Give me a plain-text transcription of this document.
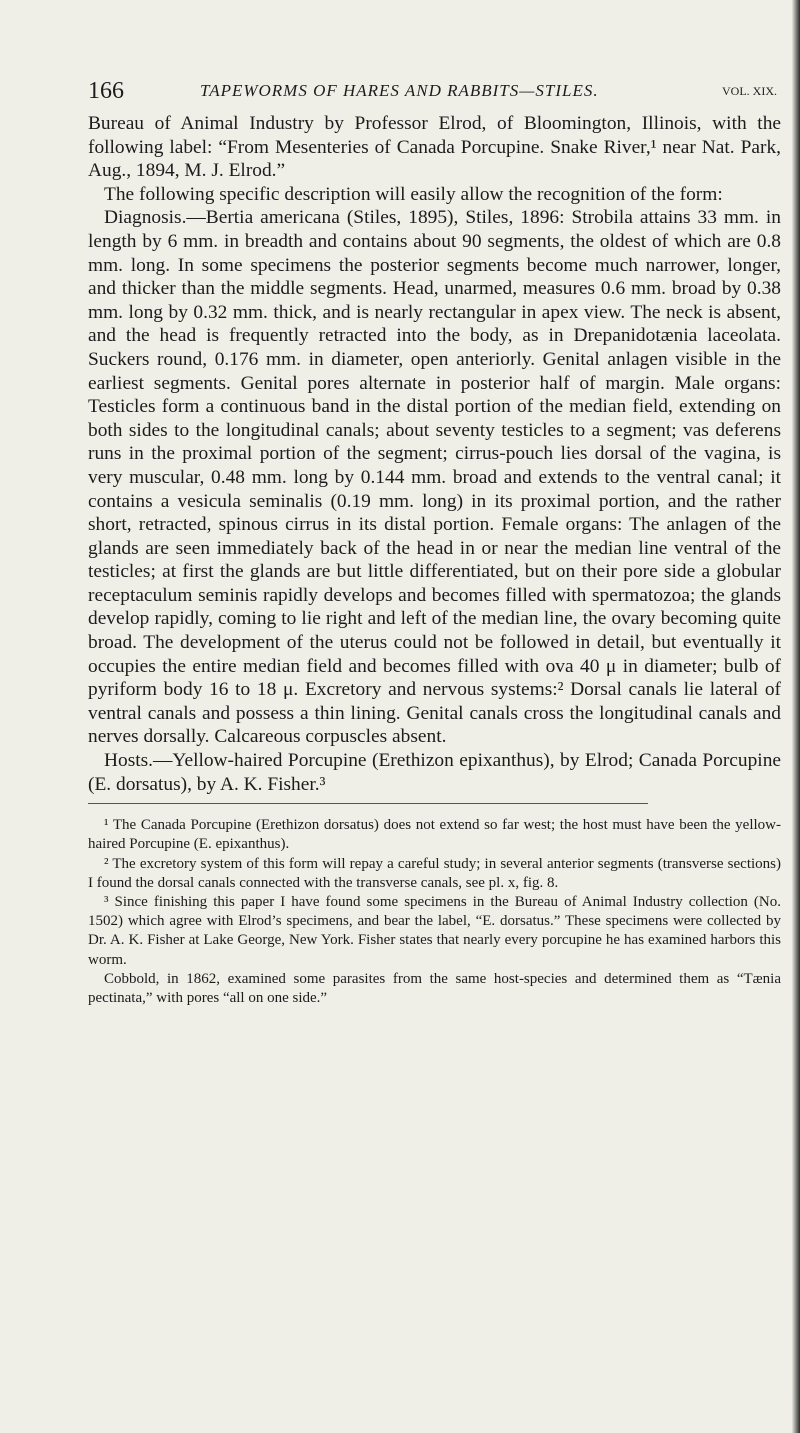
166	TAPEWORMS OF HARES AND RABBITS—STILES.	VOL. XIX.

Bureau of Animal Industry by Professor Elrod, of Bloomington, Illinois, with the following label: “From Mesenteries of Canada Porcupine. Snake River,¹ near Nat. Park, Aug., 1894, M. J. Elrod.”

The following specific description will easily allow the recognition of the form:

Diagnosis.—Bertia americana (Stiles, 1895), Stiles, 1896: Strobila attains 33 mm. in length by 6 mm. in breadth and contains about 90 segments, the oldest of which are 0.8 mm. long. In some specimens the posterior segments become much narrower, longer, and thicker than the middle segments. Head, unarmed, measures 0.6 mm. broad by 0.38 mm. long by 0.32 mm. thick, and is nearly rectangular in apex view. The neck is absent, and the head is frequently retracted into the body, as in Drepanidotænia laceolata. Suckers round, 0.176 mm. in diameter, open anteriorly. Genital anlagen visible in the earliest segments. Genital pores alternate in posterior half of margin. Male organs: Testicles form a continuous band in the distal portion of the median field, extending on both sides to the longitudinal canals; about seventy testicles to a segment; vas deferens runs in the proximal portion of the segment; cirrus-pouch lies dorsal of the vagina, is very muscular, 0.48 mm. long by 0.144 mm. broad and extends to the ventral canal; it contains a vesicula seminalis (0.19 mm. long) in its proximal portion, and the rather short, retracted, spinous cirrus in its distal portion. Female organs: The anlagen of the glands are seen immediately back of the head in or near the median line ventral of the testicles; at first the glands are but little differentiated, but on their pore side a globular receptaculum seminis rapidly develops and becomes filled with spermatozoa; the glands develop rapidly, coming to lie right and left of the median line, the ovary becoming quite broad. The development of the uterus could not be followed in detail, but eventually it occupies the entire median field and becomes filled with ova 40 μ in diameter; bulb of pyriform body 16 to 18 μ. Excretory and nervous systems:² Dorsal canals lie lateral of ventral canals and possess a thin lining. Genital canals cross the longitudinal canals and nerves dorsally. Calcareous corpuscles absent.

Hosts.—Yellow-haired Porcupine (Erethizon epixanthus), by Elrod; Canada Porcupine (E. dorsatus), by A. K. Fisher.³

¹ The Canada Porcupine (Erethizon dorsatus) does not extend so far west; the host must have been the yellow-haired Porcupine (E. epixanthus).

² The excretory system of this form will repay a careful study; in several anterior segments (transverse sections) I found the dorsal canals connected with the transverse canals, see pl. x, fig. 8.

³ Since finishing this paper I have found some specimens in the Bureau of Animal Industry collection (No. 1502) which agree with Elrod’s specimens, and bear the label, “E. dorsatus.” These specimens were collected by Dr. A. K. Fisher at Lake George, New York. Fisher states that nearly every porcupine he has examined harbors this worm.

Cobbold, in 1862, examined some parasites from the same host-species and determined them as “Tænia pectinata,” with pores “all on one side.”
